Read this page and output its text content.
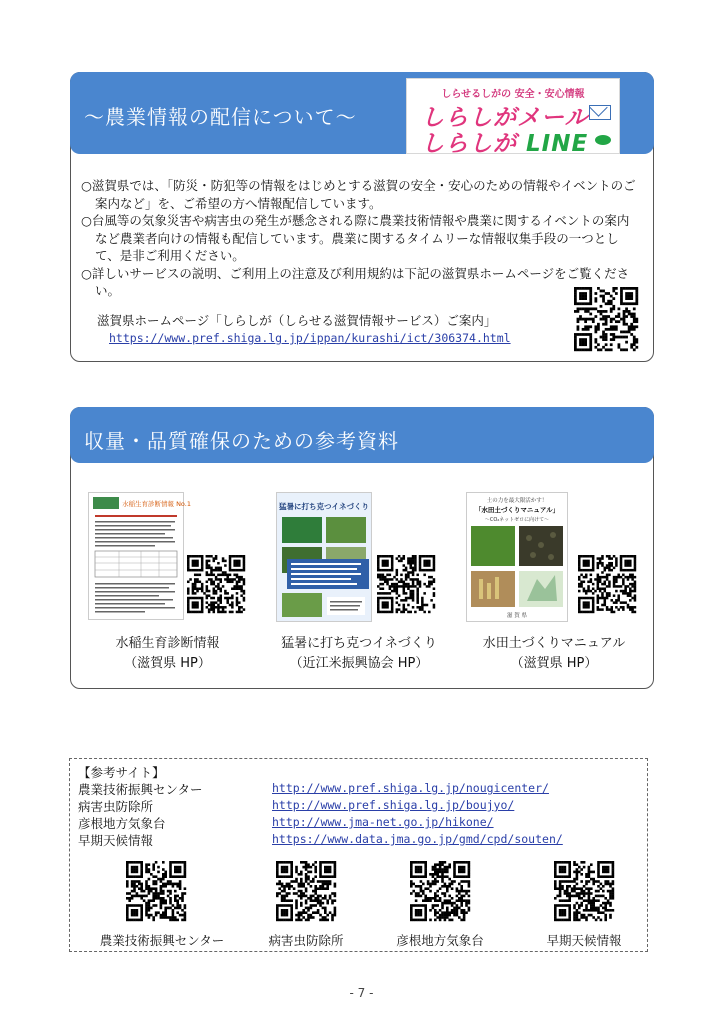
～農業情報の配信について～
しらせるしがの 安全・安心情報
しらしがメール
しらしが LINE

○滋賀県では、「防災・防犯等の情報をはじめとする滋賀の安全・安心のための情報やイベントのご案内など」を、ご希望の方へ情報配信しています。

○台風等の気象災害や病害虫の発生が懸念される際に農業技術情報や農業に関するイベントの案内など農業者向けの情報も配信しています。農業に関するタイムリーな情報収集手段の一つとして、是非ご利用ください。

○詳しいサービスの説明、ご利用上の注意及び利用規約は下記の滋賀県ホームページをご覧ください。

滋賀県ホームページ「しらしが（しらせる滋賀情報サービス）ご案内」
https://www.pref.shiga.lg.jp/ippan/kurashi/ict/306374.html
収量・品質確保のための参考資料
水稲生育診断情報 No.1
水稲生育診断情報
（滋賀県 HP）
猛暑に打ち克つイネづくり
猛暑に打ち克つイネづくり
（近江米振興協会 HP）
土の力を最大限活かす！
「水田土づくりマニュアル」
～CO₂ネットゼロに向けて～
滋 賀 県
水田土づくりマニュアル
（滋賀県 HP）
【参考サイト】
農業技術振興センター	http://www.pref.shiga.lg.jp/nougicenter/
病害虫防除所	http://www.pref.shiga.lg.jp/boujyo/
彦根地方気象台	http://www.jma-net.go.jp/hikone/
早期天候情報	https://www.data.jma.go.jp/gmd/cpd/souten/
農業技術振興センター	病害虫防除所	彦根地方気象台	早期天候情報
- 7 -
